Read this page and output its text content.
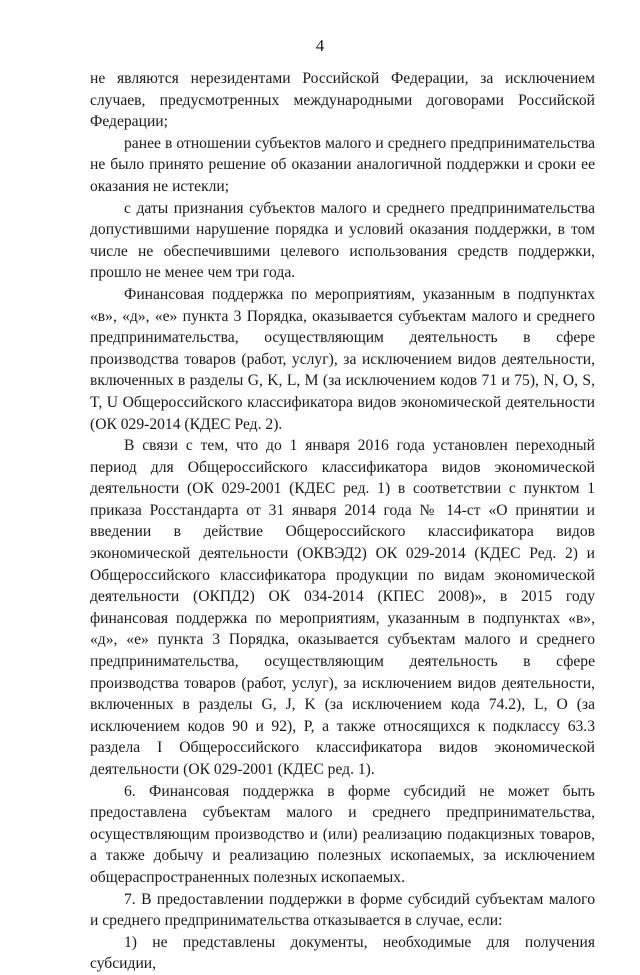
4

не являются нерезидентами Российской Федерации, за исключением случаев, предусмотренных международными договорами Российской Федерации;

ранее в отношении субъектов малого и среднего предпринимательства не было принято решение об оказании аналогичной поддержки и сроки ее оказания не истекли;

с даты признания субъектов малого и среднего предпринимательства допустившими нарушение порядка и условий оказания поддержки, в том числе не обеспечившими целевого использования средств поддержки, прошло не менее чем три года.

Финансовая поддержка по мероприятиям, указанным в подпунктах «в», «д», «е» пункта 3 Порядка, оказывается субъектам малого и среднего предпринимательства, осуществляющим деятельность в сфере производства товаров (работ, услуг), за исключением видов деятельности, включенных в разделы G, K, L, M (за исключением кодов 71 и 75), N, O, S, T, U Общероссийского классификатора видов экономической деятельности (ОК 029-2014 (КДЕС Ред. 2).

В связи с тем, что до 1 января 2016 года установлен переходный период для Общероссийского классификатора видов экономической деятельности (ОК 029-2001 (КДЕС ред. 1) в соответствии с пунктом 1 приказа Росстандарта от 31 января 2014 года № 14-ст «О принятии и введении в действие Общероссийского классификатора видов экономической деятельности (ОКВЭД2) ОК 029-2014 (КДЕС Ред. 2) и Общероссийского классификатора продукции по видам экономической деятельности (ОКПД2) ОК 034-2014 (КПЕС 2008)», в 2015 году финансовая поддержка по мероприятиям, указанным в подпунктах «в», «д», «е» пункта 3 Порядка, оказывается субъектам малого и среднего предпринимательства, осуществляющим деятельность в сфере производства товаров (работ, услуг), за исключением видов деятельности, включенных в разделы G, J, K (за исключением кода 74.2), L, O (за исключением кодов 90 и 92), P, а также относящихся к подклассу 63.3 раздела I Общероссийского классификатора видов экономической деятельности (ОК 029-2001 (КДЕС ред. 1).

6. Финансовая поддержка в форме субсидий не может быть предоставлена субъектам малого и среднего предпринимательства, осуществляющим производство и (или) реализацию подакцизных товаров, а также добычу и реализацию полезных ископаемых, за исключением общераспространенных полезных ископаемых.

7. В предоставлении поддержки в форме субсидий субъектам малого и среднего предпринимательства отказывается в случае, если:

1) не представлены документы, необходимые для получения субсидии,
